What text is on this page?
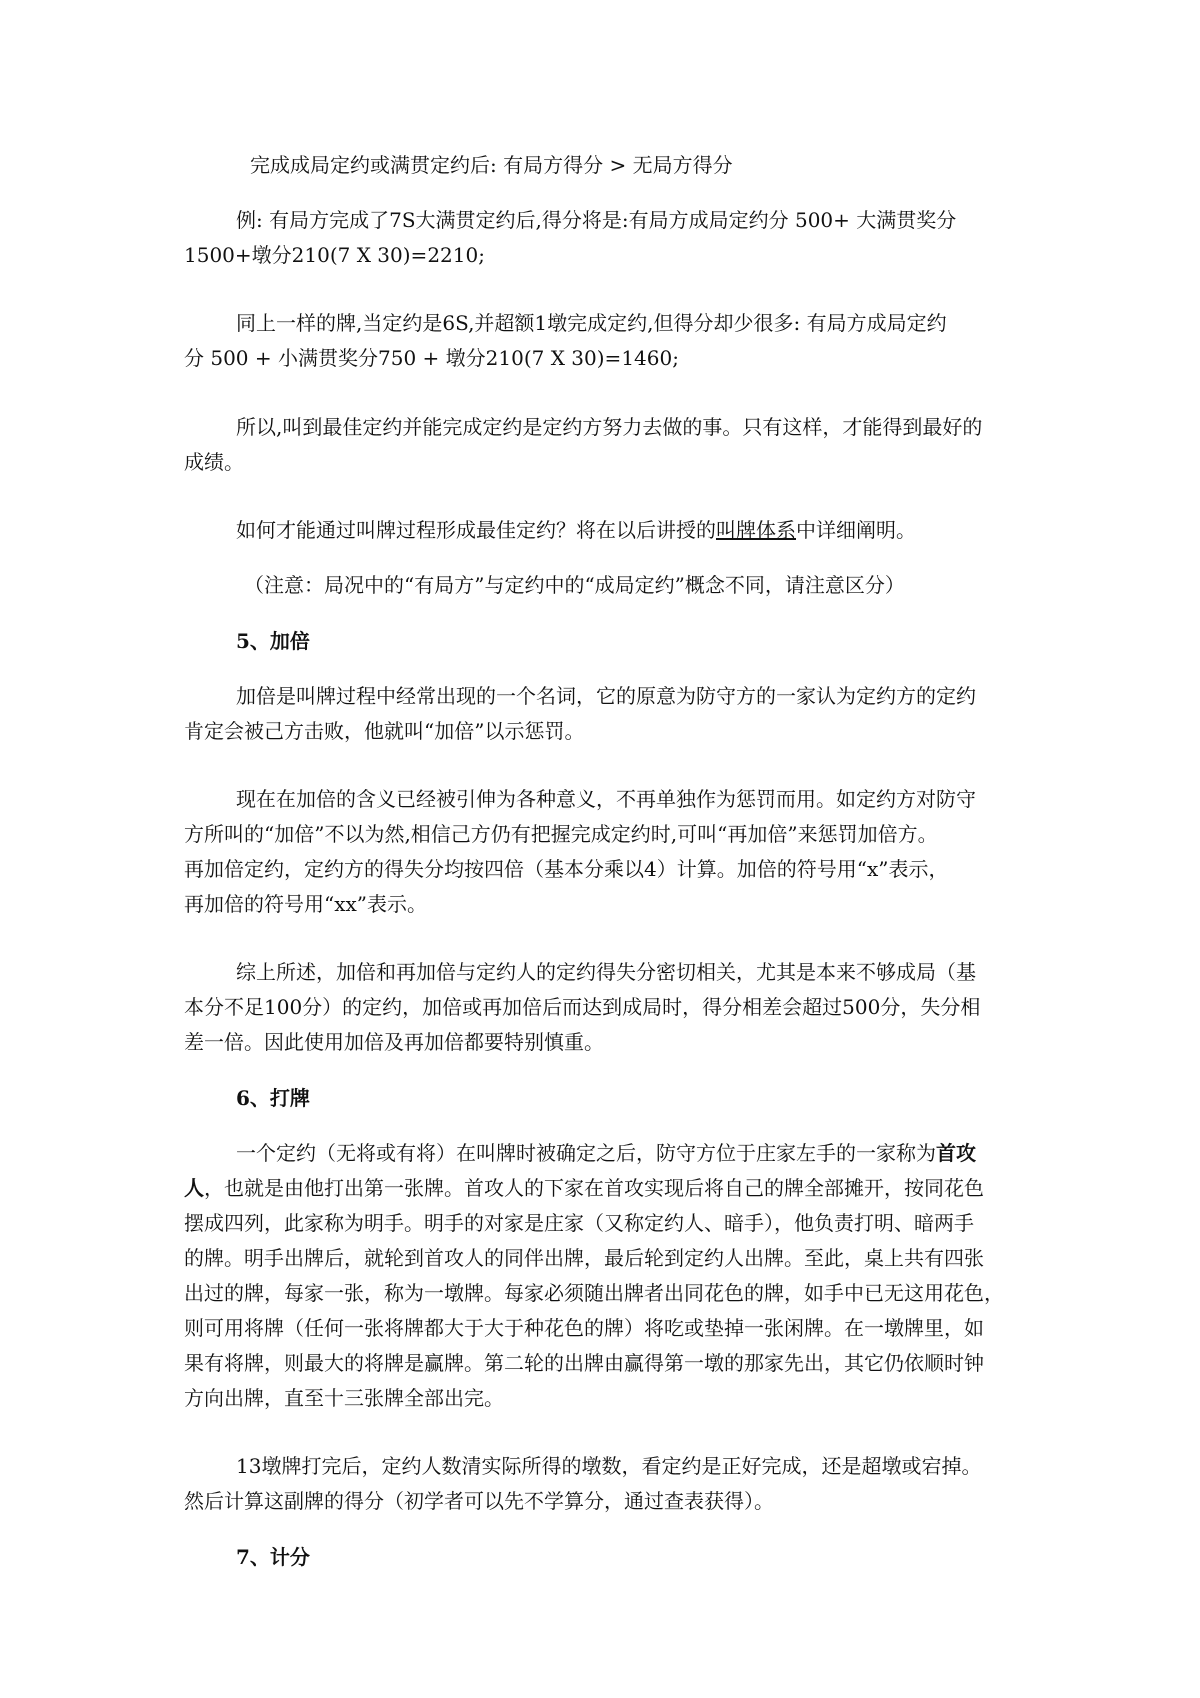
完成成局定约或满贯定约后: 有局方得分 > 无局方得分
例: 有局方完成了7S大满贯定约后,得分将是:有局方成局定约分 500+ 大满贯奖分
1500+墩分210(7 X 30)=2210;
同上一样的牌,当定约是6S,并超额1墩完成定约,但得分却少很多: 有局方成局定约
分 500 + 小满贯奖分750 + 墩分210(7 X 30)=1460;
所以,叫到最佳定约并能完成定约是定约方努力去做的事。只有这样，才能得到最好的
成绩。
如何才能通过叫牌过程形成最佳定约？将在以后讲授的叫牌体系中详细阐明。
（注意：局况中的“有局方”与定约中的“成局定约”概念不同，请注意区分）
5、加倍
加倍是叫牌过程中经常出现的一个名词，它的原意为防守方的一家认为定约方的定约
肯定会被己方击败，他就叫“加倍”以示惩罚。
现在在加倍的含义已经被引伸为各种意义，不再单独作为惩罚而用。如定约方对防守
方所叫的“加倍”不以为然,相信己方仍有把握完成定约时,可叫“再加倍”来惩罚加倍方。
再加倍定约，定约方的得失分均按四倍（基本分乘以4）计算。加倍的符号用“x”表示，
再加倍的符号用“xx”表示。
综上所述，加倍和再加倍与定约人的定约得失分密切相关，尤其是本来不够成局（基
本分不足100分）的定约，加倍或再加倍后而达到成局时，得分相差会超过500分，失分相
差一倍。因此使用加倍及再加倍都要特别慎重。
6、打牌
一个定约（无将或有将）在叫牌时被确定之后，防守方位于庄家左手的一家称为首攻
人，也就是由他打出第一张牌。首攻人的下家在首攻实现后将自己的牌全部摊开，按同花色
摆成四列，此家称为明手。明手的对家是庄家（又称定约人、暗手），他负责打明、暗两手
的牌。明手出牌后，就轮到首攻人的同伴出牌，最后轮到定约人出牌。至此，桌上共有四张
出过的牌，每家一张，称为一墩牌。每家必须随出牌者出同花色的牌，如手中已无这用花色，
则可用将牌（任何一张将牌都大于大于种花色的牌）将吃或垫掉一张闲牌。在一墩牌里，如
果有将牌，则最大的将牌是赢牌。第二轮的出牌由赢得第一墩的那家先出，其它仍依顺时钟
方向出牌，直至十三张牌全部出完。
13墩牌打完后，定约人数清实际所得的墩数，看定约是正好完成，还是超墩或宕掉。
然后计算这副牌的得分（初学者可以先不学算分，通过查表获得）。
7、计分
